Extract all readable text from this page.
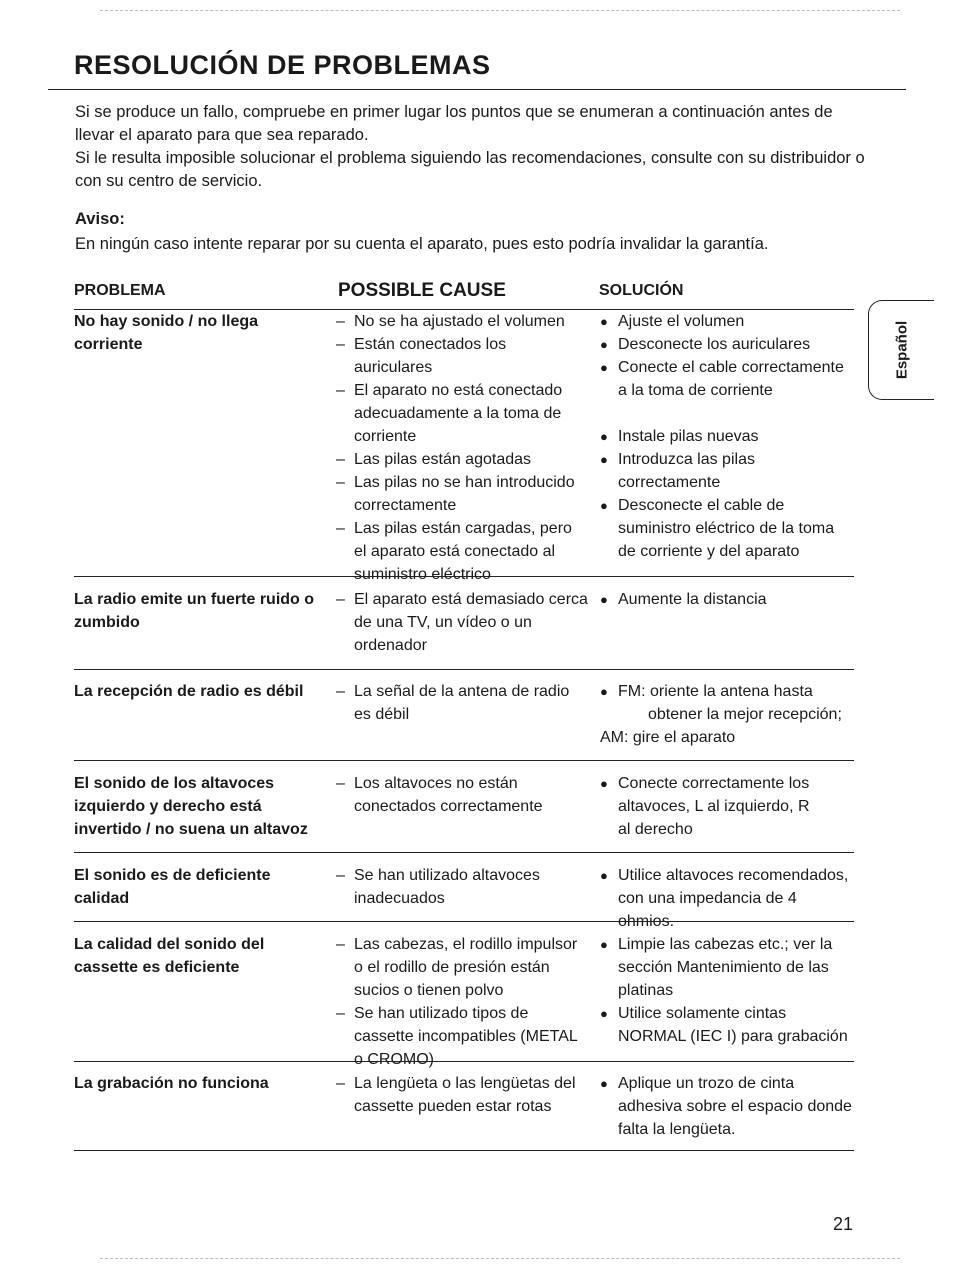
RESOLUCIÓN DE PROBLEMAS

Si se produce un fallo, compruebe en primer lugar los puntos que se enumeran a continuación antes de llevar el aparato para que sea reparado.

Si le resulta imposible solucionar el problema siguiendo las recomendaciones, consulte con su distribuidor o con su centro de servicio.

Aviso:
En ningún caso intente reparar por su cuenta el aparato, pues esto podría invalidar la garantía.
PROBLEMA	POSSIBLE CAUSE	SOLUCIÓN
Español
No hay sonido / no llega corriente
– No se ha ajustado el volumen
– Están conectados los auriculares
– El aparato no está conectado adecuadamente a la toma de corriente
– Las pilas están agotadas
– Las pilas no se han introducido correctamente
– Las pilas están cargadas, pero el aparato está conectado al suministro eléctrico
● Ajuste el volumen
● Desconecte los auriculares
● Conecte el cable correctamente a la toma de corriente
● Instale pilas nuevas
● Introduzca las pilas correctamente
● Desconecte el cable de suministro eléctrico de la toma de corriente y del aparato
La radio emite un fuerte ruido o zumbido
– El aparato está demasiado cerca de una TV, un vídeo o un ordenador
● Aumente la distancia
La recepción de radio es débil	– La señal de la antena de radio es débil
● FM: oriente la antena hasta
obtener la mejor recepción;
AM: gire el aparato
El sonido de los altavoces izquierdo y derecho está invertido / no suena un altavoz
– Los altavoces no están conectados correctamente
● Conecte correctamente los altavoces, L al izquierdo, R al derecho
El sonido es de deficiente calidad
– Se han utilizado altavoces inadecuados
● Utilice altavoces recomendados, con una impedancia de 4 ohmios.
La calidad del sonido del cassette es deficiente
– Las cabezas, el rodillo impulsor o el rodillo de presión están sucios o tienen polvo
– Se han utilizado tipos de cassette incompatibles (METAL o CROMO)
● Limpie las cabezas etc.; ver la sección Mantenimiento de las platinas
● Utilice solamente cintas NORMAL (IEC I) para grabación
La grabación no funciona	– La lengüeta o las lengüetas del cassette pueden estar rotas
● Aplique un trozo de cinta adhesiva sobre el espacio donde falta la lengüeta.
21
